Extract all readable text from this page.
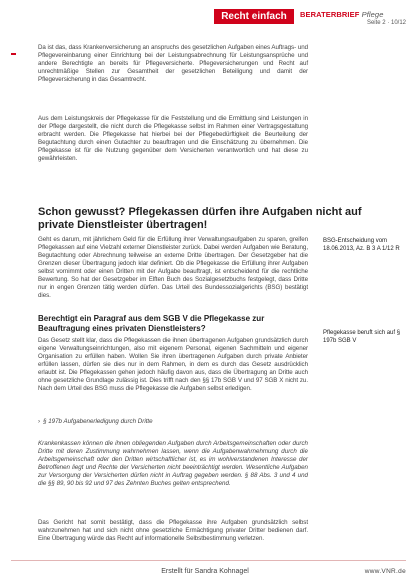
Recht einfach	BERATERBRIEF Pflege
Seite 2 · 10/12

Da ist das, dass Krankenversicherung an anspruchs des gesetzlichen Aufgaben eines Auftrags- und Pflegevereinbarung einer Einrichtung bei der Leistungsabrechnung für Leistungsansprüche und andere Berechtigte an bereits für Pflegeversicherte. Pflegeversicherungen und Recht auf unrechtmäßige Stellen zur Gesamtheit der gesetzlichen Beteiligung und damit der Pflegeversicherung in das Gesamtrecht.

Aus dem Leistungskreis der Pflegekasse für die Feststellung und die Ermittlung sind Leistungen in der Pflege dargestellt, die nicht durch die Pflegekasse selbst im Rahmen einer Vertragsgestaltung erbracht werden. Die Pflegekasse hat hierbei bei der Pflegebedürftigkeit die Beurteilung der Begutachtung durch einen Gutachter zu beauftragen und die Einschätzung zu übernehmen. Die Pflegekasse ist für die Nutzung gegenüber dem Versicherten verantwortlich und hat diese zu gewährleisten.

Schon gewusst? Pflegekassen dürfen ihre Aufgaben nicht auf private Dienstleister übertragen!

Geht es darum, mit jährlichem Geld für die Erfüllung ihrer Verwaltungsaufgaben zu sparen, greifen Pflegekassen auf eine Vielzahl externer Dienstleister zurück. Dabei werden Aufgaben wie Beratung, Begutachtung oder Abrechnung teilweise an externe Dritte übertragen. Der Gesetzgeber hat die Grenzen dieser Übertragung jedoch klar definiert. Ob die Pflegekasse die Erfüllung ihrer Aufgaben selbst vornimmt oder einen Dritten mit der Aufgabe beauftragt, ist entscheidend für die rechtliche Bewertung. So hat der Gesetzgeber im Elften Buch des Sozialgesetzbuchs festgelegt, dass Dritte nur in engen Grenzen tätig werden dürfen. Das Urteil des Bundessozialgerichts (BSG) bestätigt dies.

BSG-Entscheidung vom 18.06.2013, Az. B 3 A 1/12 R
Berechtigt ein Paragraf aus dem SGB V die Pflegekasse zur Beauftragung eines privaten Dienstleisters?

Das Gesetz stellt klar, dass die Pflegekassen die ihnen übertragenen Aufgaben grundsätzlich durch eigene Verwaltungseinrichtungen, also mit eigenem Personal, eigenen Sachmitteln und eigener Organisation zu erfüllen haben. Wollen Sie ihren übertragenen Aufgaben durch private Anbieter erfüllen lassen, dürfen sie dies nur in dem Rahmen, in dem es durch das Gesetz ausdrücklich erlaubt ist. Die Pflegekassen gehen jedoch häufig davon aus, dass die Übertragung an Dritte auch ohne gesetzliche Grundlage zulässig ist. Dies trifft nach den §§ 17b SGB V und 97 SGB X nicht zu. Nach dem Urteil des BSG muss die Pflegekasse die Aufgaben selbst erledigen.

Pflegekasse beruft sich auf § 197b SGB V
› § 197b Aufgabenerledigung durch Dritte

Krankenkassen können die ihnen obliegenden Aufgaben durch Arbeitsgemeinschaften oder durch Dritte mit deren Zustimmung wahrnehmen lassen, wenn die Aufgabenwahrnehmung durch die Arbeitsgemeinschaft oder den Dritten wirtschaftlicher ist, es im wohlverstandenen Interesse der Betroffenen liegt und Rechte der Versicherten nicht beeinträchtigt werden. Wesentliche Aufgaben zur Versorgung der Versicherten dürfen nicht in Auftrag gegeben werden. § 88 Abs. 3 und 4 und die §§ 89, 90 bis 92 und 97 des Zehnten Buches gelten entsprechend.

Das Gericht hat somit bestätigt, dass die Pflegekasse ihre Aufgaben grundsätzlich selbst wahrzunehmen hat und sich nicht ohne gesetzliche Ermächtigung privater Dritter bedienen darf. Eine Übertragung würde das Recht auf informationelle Selbstbestimmung verletzen.

Erstellt für Sandra Kohnagel	www.VNR.de
